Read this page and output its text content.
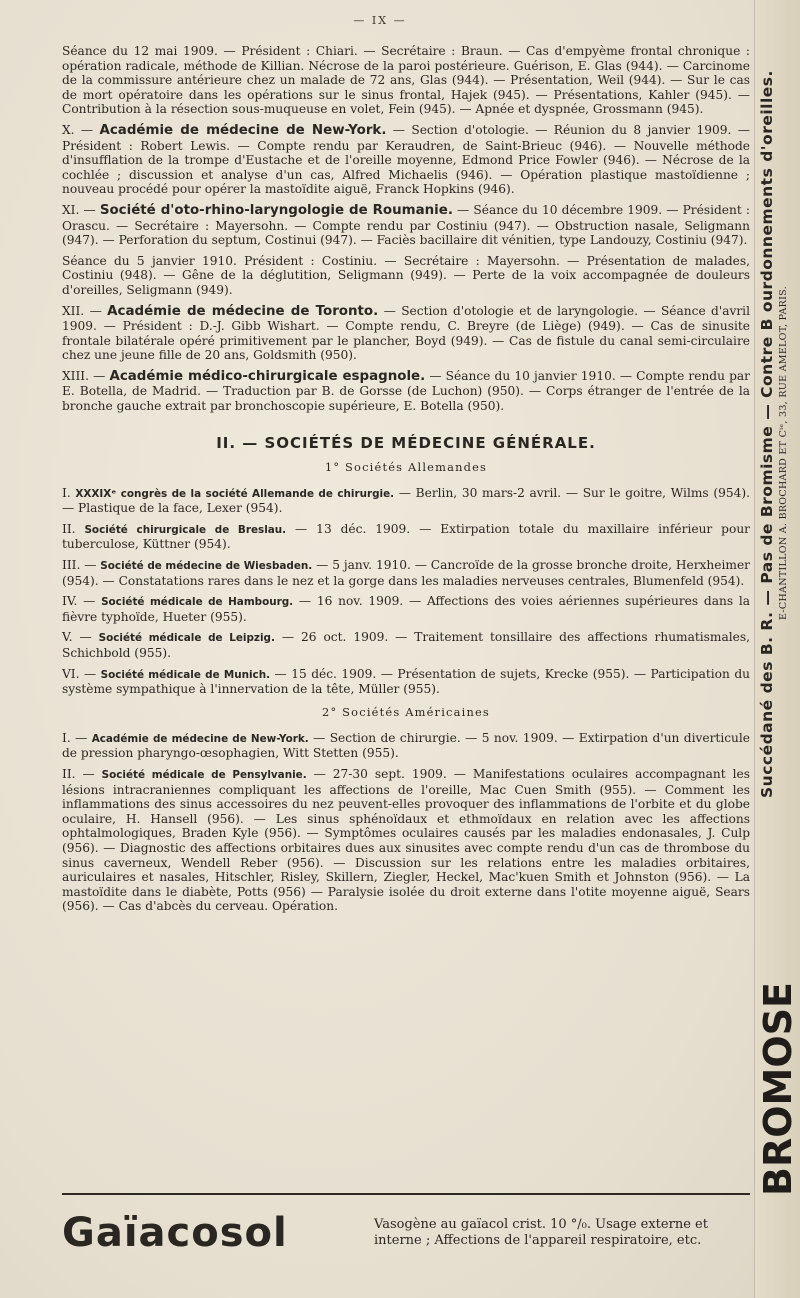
— IX —

Séance du 12 mai 1909. — Président : Chiari. — Secrétaire : Braun. — Cas d'empyème frontal chronique : opération radicale, méthode de Killian. Nécrose de la paroi postérieure. Guérison, E. Glas (944). — Carcinome de la commissure antérieure chez un malade de 72 ans, Glas (944). — Présentation, Weil (944). — Sur le cas de mort opératoire dans les opérations sur le sinus frontal, Hajek (945). — Présentations, Kahler (945). — Contribution à la résection sous-muqueuse en volet, Fein (945). — Apnée et dyspnée, Grossmann (945).

X. — Académie de médecine de New-York. — Section d'otologie. — Réunion du 8 janvier 1909. — Président : Robert Lewis. — Compte rendu par Keraudren, de Saint-Brieuc (946). — Nouvelle méthode d'insufflation de la trompe d'Eustache et de l'oreille moyenne, Edmond Price Fowler (946). — Nécrose de la cochlée ; discussion et analyse d'un cas, Alfred Michaelis (946). — Opération plastique mastoïdienne ; nouveau procédé pour opérer la mastoïdite aiguë, Franck Hopkins (946).

XI. — Société d'oto-rhino-laryngologie de Roumanie. — Séance du 10 décembre 1909. — Président : Orascu. — Secrétaire : Mayersohn. — Compte rendu par Costiniu (947). — Obstruction nasale, Seligmann (947). — Perforation du septum, Costinui (947). — Faciès bacillaire dit vénitien, type Landouzy, Costiniu (947).

Séance du 5 janvier 1910. Président : Costiniu. — Secrétaire : Mayersohn. — Présentation de malades, Costiniu (948). — Gêne de la déglutition, Seligmann (949). — Perte de la voix accompagnée de douleurs d'oreilles, Seligmann (949).

XII. — Académie de médecine de Toronto. — Section d'otologie et de laryngologie. — Séance d'avril 1909. — Président : D.-J. Gibb Wishart. — Compte rendu, C. Breyre (de Liège) (949). — Cas de sinusite frontale bilatérale opéré primitivement par le plancher, Boyd (949). — Cas de fistule du canal semi-circulaire chez une jeune fille de 20 ans, Goldsmith (950).

XIII. — Académie médico-chirurgicale espagnole. — Séance du 10 janvier 1910. — Compte rendu par E. Botella, de Madrid. — Traduction par B. de Gorsse (de Luchon) (950). — Corps étranger de l'entrée de la bronche gauche extrait par bronchoscopie supérieure, E. Botella (950).

II. — SOCIÉTÉS DE MÉDECINE GÉNÉRALE.
1° Sociétés Allemandes

I. XXXIXᵉ congrès de la société Allemande de chirurgie. — Berlin, 30 mars-2 avril. — Sur le goitre, Wilms (954). — Plastique de la face, Lexer (954).

II. Société chirurgicale de Breslau. — 13 déc. 1909. — Extirpation totale du maxillaire inférieur pour tuberculose, Küttner (954).

III. — Société de médecine de Wiesbaden. — 5 janv. 1910. — Cancroïde de la grosse bronche droite, Herxheimer (954). — Constatations rares dans le nez et la gorge dans les maladies nerveuses centrales, Blumenfeld (954).

IV. — Société médicale de Hambourg. — 16 nov. 1909. — Affections des voies aériennes supérieures dans la fièvre typhoïde, Hueter (955).

V. — Société médicale de Leipzig. — 26 oct. 1909. — Traitement tonsillaire des affections rhumatismales, Schichbold (955).

VI. — Société médicale de Munich. — 15 déc. 1909. — Présentation de sujets, Krecke (955). — Participation du système sympathique à l'innervation de la tête, Müller (955).

2° Sociétés Américaines

I. — Académie de médecine de New-York. — Section de chirurgie. — 5 nov. 1909. — Extirpation d'un diverticule de pression pharyngo-œsophagien, Witt Stetten (955).

II. — Société médicale de Pensylvanie. — 27-30 sept. 1909. — Manifestations oculaires accompagnant les lésions intracraniennes compliquant les affections de l'oreille, Mac Cuen Smith (955). — Comment les inflammations des sinus accessoires du nez peuvent-elles provoquer des inflammations de l'orbite et du globe oculaire, H. Hansell (956). — Les sinus sphénoïdaux et ethmoïdaux en relation avec les affections ophtalmologiques, Braden Kyle (956). — Symptômes oculaires causés par les maladies endonasales, J. Culp (956). — Diagnostic des affections orbitaires dues aux sinusites avec compte rendu d'un cas de thrombose du sinus caverneux, Wendell Reber (956). — Discussion sur les relations entre les maladies orbitaires, auriculaires et nasales, Hitschler, Risley, Skillern, Ziegler, Heckel, Mac'kuen Smith et Johnston (956). — La mastoïdite dans le diabète, Potts (956) — Paralysie isolée du droit externe dans l'otite moyenne aiguë, Sears (956). — Cas d'abcès du cerveau. Opération.

Gaïacosol	Vasogène au gaïacol crist. 10 °/₀. Usage externe et
interne ; Affections de l'appareil respiratoire, etc.
BROMOSE
Succédané des B. R. — Pas de Bromisme — Contre B ourdonnements d'oreilles. E-CHANTILLON A. BROCHARD ET Cⁱᵉ, 33, RUE AMELOT, PARIS.
